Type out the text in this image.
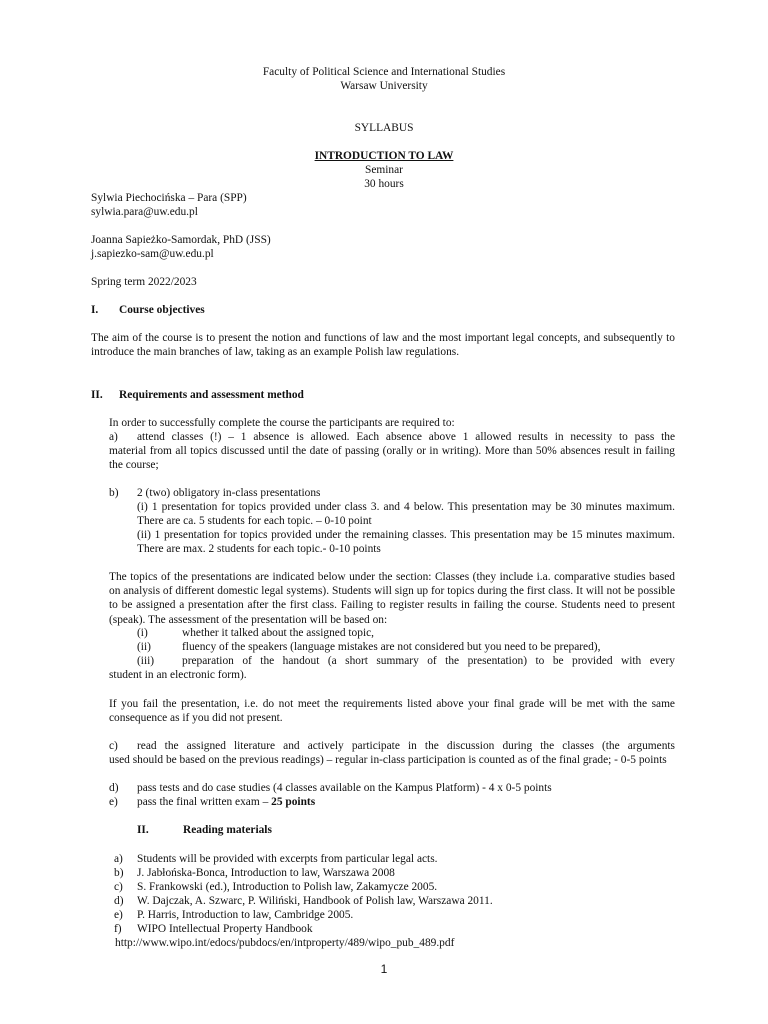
Faculty of Political Science and International Studies

Warsaw University

SYLLABUS

INTRODUCTION TO LAW

Seminar

30 hours

Sylwia Piechocińska – Para (SPP)

sylwia.para@uw.edu.pl

Joanna Sapieżko-Samordak, PhD (JSS)

j.sapiezko-sam@uw.edu.pl

Spring term 2022/2023

I. Course objectives

The aim of the course is to present the notion and functions of law and the most important legal concepts, and subsequently to introduce the main branches of law, taking as an example Polish law regulations.

II. Requirements and assessment method

In order to successfully complete the course the participants are required to:

a) attend classes (!) – 1 absence is allowed. Each absence above 1 allowed results in necessity to pass the

material from all topics discussed until the date of passing (orally or in writing). More than 50% absences result in failing the course;

b) 2 (two) obligatory in-class presentations

(i) 1 presentation for topics provided under class 3. and 4 below. This presentation may be 30 minutes maximum. There are ca. 5 students for each topic. – 0-10 point

(ii) 1 presentation for topics provided under the remaining classes. This presentation may be 15 minutes maximum. There are max. 2 students for each topic.- 0-10 points

The topics of the presentations are indicated below under the section: Classes (they include i.a. comparative studies based on analysis of different domestic legal systems). Students will sign up for topics during the first class. It will not be possible to be assigned a presentation after the first class. Failing to register results in failing the course. Students need to present (speak). The assessment of the presentation will be based on:

(i)	whether it talked about the assigned topic,

(ii)	fluency of the speakers (language mistakes are not considered but you need to be prepared),

(iii) preparation of the handout (a short summary of the presentation) to be provided with every

student in an electronic form).

If you fail the presentation, i.e. do not meet the requirements listed above your final grade will be met with the same consequence as if you did not present.

c) read the assigned literature and actively participate in the discussion during the classes (the arguments

used should be based on the previous readings) – regular in-class participation is counted as of the final grade; - 0-5 points

d) pass tests and do case studies (4 classes available on the Kampus Platform) - 4 x 0-5 points

e) pass the final written exam – 25 points

II.	Reading materials

a) Students will be provided with excerpts from particular legal acts.

b) J. Jabłońska-Bonca, Introduction to law, Warszawa 2008

c) S. Frankowski (ed.), Introduction to Polish law, Zakamycze 2005.

d) W. Dajczak, A. Szwarc, P. Wiliński, Handbook of Polish law, Warszawa 2011.

e) P. Harris, Introduction to law, Cambridge 2005.

f) WIPO Intellectual Property Handbook

http://www.wipo.int/edocs/pubdocs/en/intproperty/489/wipo_pub_489.pdf

1
